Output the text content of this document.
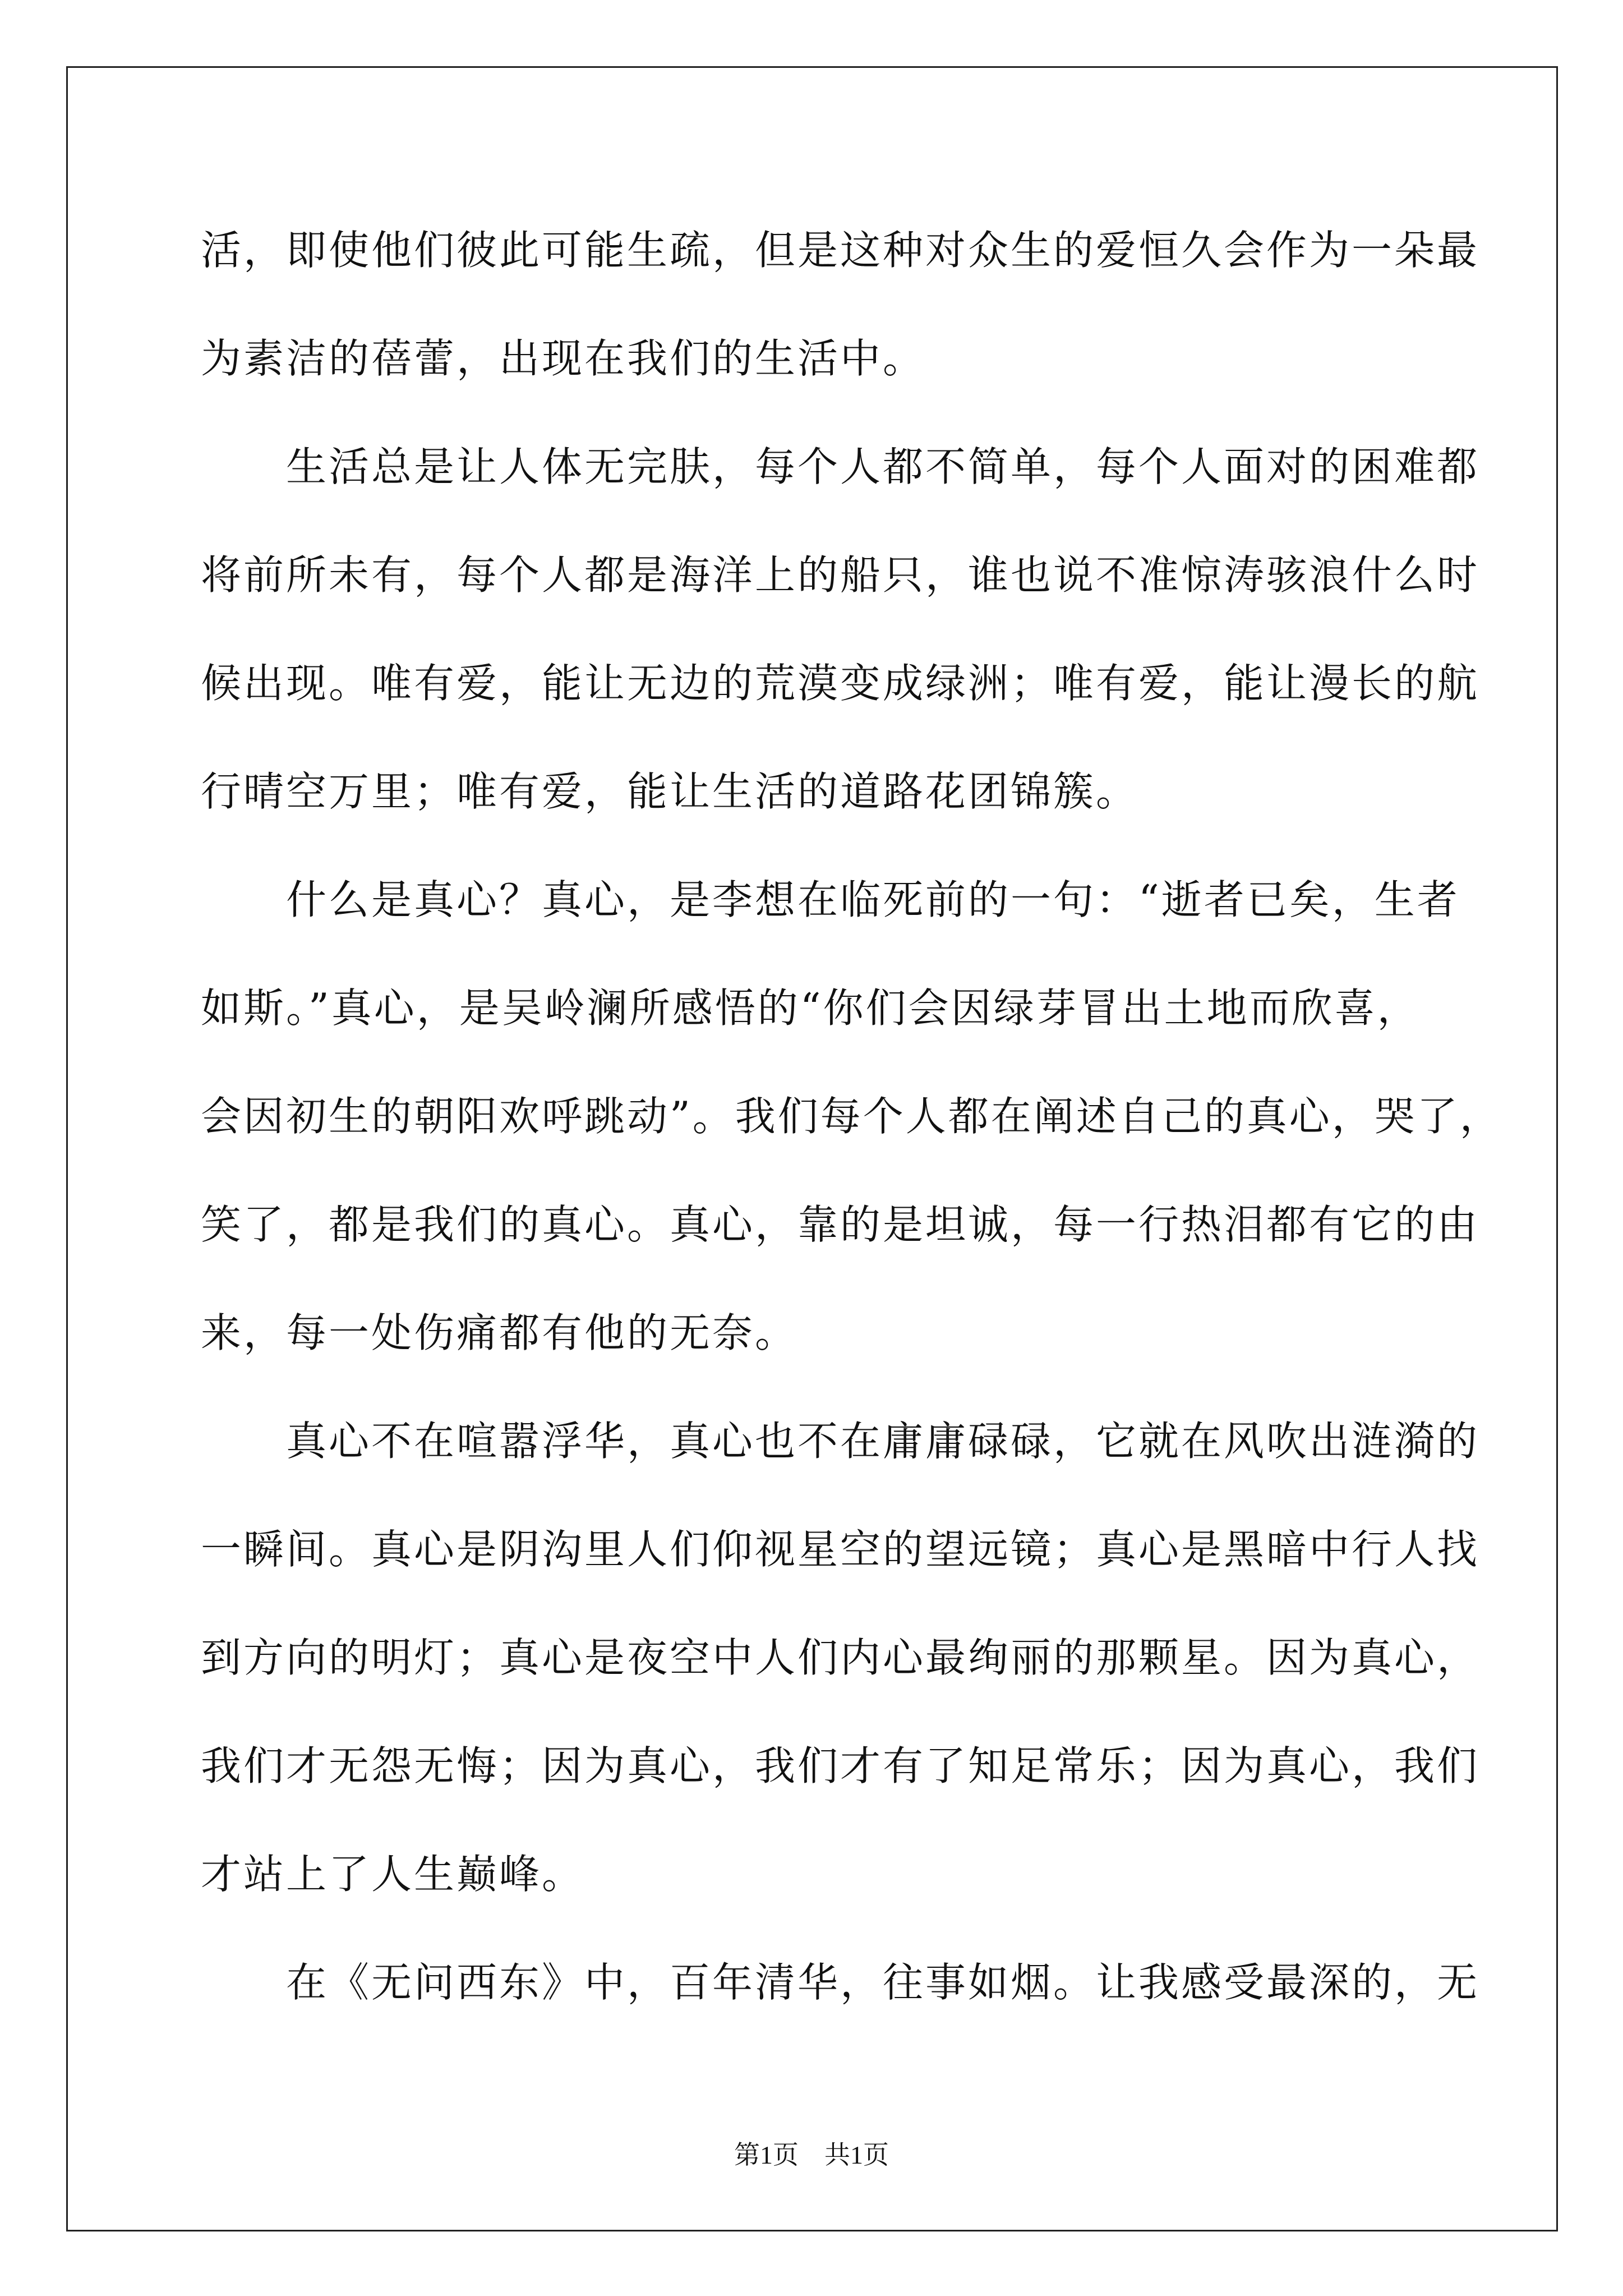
活，即使他们彼此可能生疏，但是这种对众生的爱恒久会作为一朵最
为素洁的蓓蕾，出现在我们的生活中。
　　生活总是让人体无完肤，每个人都不简单，每个人面对的困难都
将前所未有，每个人都是海洋上的船只，谁也说不准惊涛骇浪什么时
候出现。唯有爱，能让无边的荒漠变成绿洲；唯有爱，能让漫长的航
行晴空万里；唯有爱，能让生活的道路花团锦簇。
　　什么是真心？真心，是李想在临死前的一句：“逝者已矣，生者
如斯。”真心，是吴岭澜所感悟的“你们会因绿芽冒出土地而欣喜，
会因初生的朝阳欢呼跳动”。我们每个人都在阐述自己的真心，哭了，
笑了，都是我们的真心。真心，靠的是坦诚，每一行热泪都有它的由
来，每一处伤痛都有他的无奈。
　　真心不在喧嚣浮华，真心也不在庸庸碌碌，它就在风吹出涟漪的
一瞬间。真心是阴沟里人们仰视星空的望远镜；真心是黑暗中行人找
到方向的明灯；真心是夜空中人们内心最绚丽的那颗星。因为真心，
我们才无怨无悔；因为真心，我们才有了知足常乐；因为真心，我们
才站上了人生巅峰。
　　在《无问西东》中，百年清华，往事如烟。让我感受最深的，无
第1页　共1页
